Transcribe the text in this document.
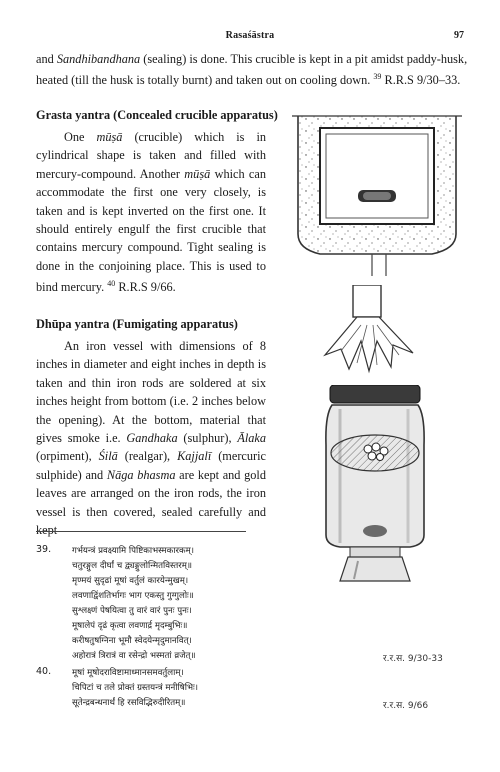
Rasaśāstra	97

and Sandhibandhana (sealing) is done. This crucible is kept in a pit amidst paddy-husk, heated (till the husk is totally burnt) and taken out on cooling down. $^{39}$ R.R.S 9/30–33.

Grasta yantra (Concealed crucible apparatus)

One mūṣā (crucible) which is in cylindrical shape is taken and filled with mercury-compound. Another mūṣā which can accommodate the first one very closely, is taken and is kept inverted on the first one. It should entirely engulf the first crucible that contains mercury compound. Tight sealing is done in the conjoining place. This is used to bind mercury. $^{40}$ R.R.S 9/66.

Dhūpa yantra (Fumigating apparatus)

An iron vessel with dimensions of 8 inches in diameter and eight inches in depth is taken and thin iron rods are soldered at six inches height from bottom (i.e. 2 inches below the opening). At the bottom, material that gives smoke i.e. Gandhaka (sulphur), Ālaka (orpiment), Śilā (realgar), Kajjalī (mercuric sulphide) and Nāga bhasma are kept and gold leaves are arranged on the iron rods, the iron vessel is then covered, sealed carefully and kept

39.	गर्भयन्त्रं प्रवक्ष्यामि पिष्टिकाभस्मकारकम्।
चतुरङ्गुल दीर्घां च द्व्यङ्गुलोन्मितविस्तरम्॥
मृण्मयं सुदृढां मूषां वर्तुलं कारयेन्मुखम्।
लवणाद्विंशतिर्भागः भाग एकस्तु गुग्गुलोः॥
सुश्लक्ष्णं पेषयित्वा तु वारं वारं पुनः पुनः।
मूषालेपं दृढं कृत्वा लवणार्द्र मृदम्बुभिः॥
करीषतुषग्निना भूमौ स्वेदयेन्मृदुमानवित्।
अहोरात्रं त्रिरात्रं वा रसेन्द्रो भस्मतां व्रजेत्॥	र.र.स. 9/30-33
40.	मूषां मूषोदराविष्टामाध्मानसमवर्तुलाम्।
चिपिटां च तले प्रोक्तं ग्रस्तयन्त्रं मनीषिभिः।
सूतेन्द्रबन्धनार्थं हि रसविद्भिरुदीरितम्॥	र.र.स. 9/66
